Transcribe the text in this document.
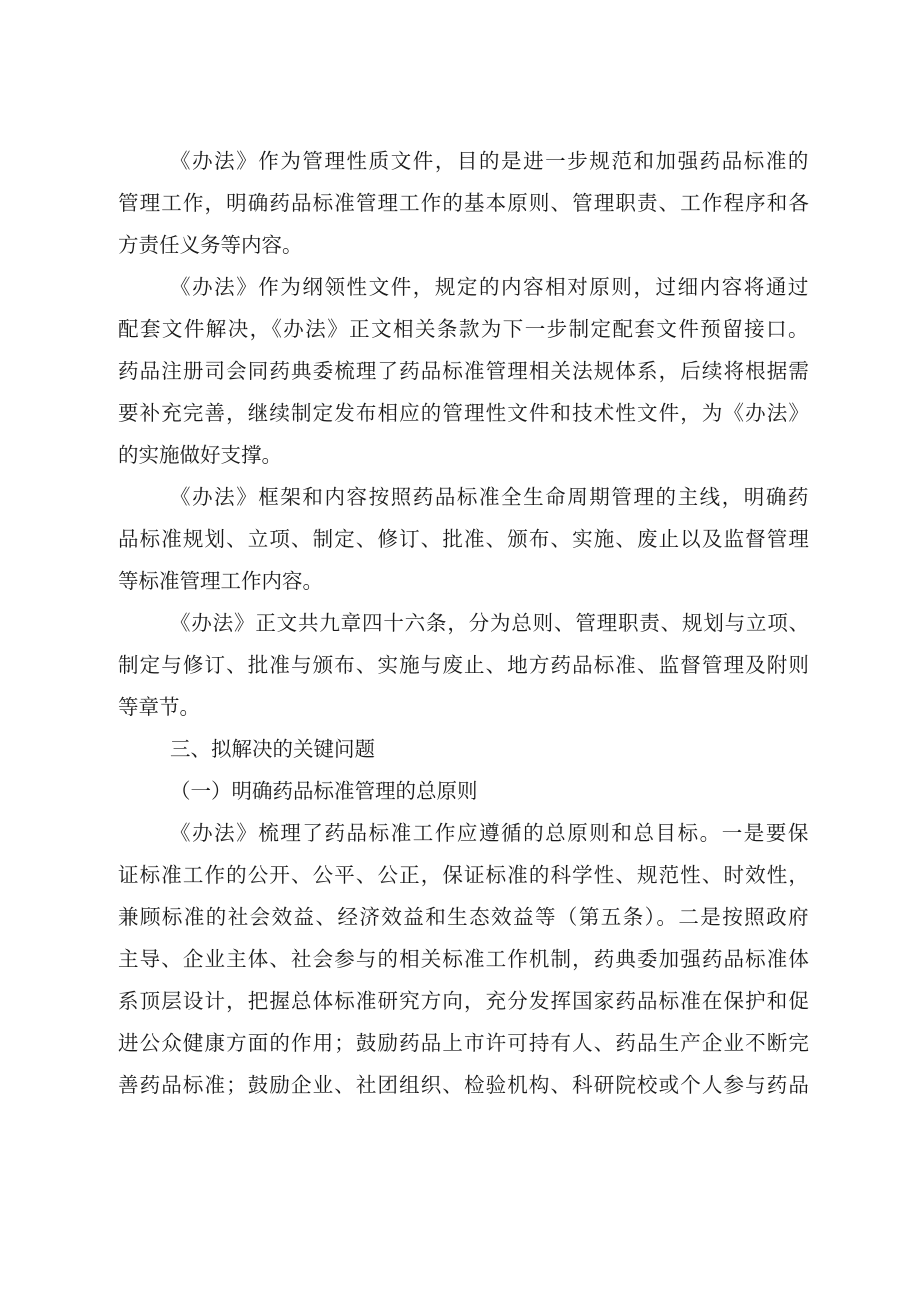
《办法》作为管理性质文件，目的是进一步规范和加强药品标准的
管理工作，明确药品标准管理工作的基本原则、管理职责、工作程序和各
方责任义务等内容。
《办法》作为纲领性文件，规定的内容相对原则，过细内容将通过
配套文件解决，《办法》正文相关条款为下一步制定配套文件预留接口。
药品注册司会同药典委梳理了药品标准管理相关法规体系，后续将根据需
要补充完善，继续制定发布相应的管理性文件和技术性文件，为《办法》
的实施做好支撑。
《办法》框架和内容按照药品标准全生命周期管理的主线，明确药
品标准规划、立项、制定、修订、批准、颁布、实施、废止以及监督管理
等标准管理工作内容。
《办法》正文共九章四十六条，分为总则、管理职责、规划与立项、
制定与修订、批准与颁布、实施与废止、地方药品标准、监督管理及附则
等章节。
三、拟解决的关键问题
（一）明确药品标准管理的总原则
《办法》梳理了药品标准工作应遵循的总原则和总目标。一是要保
证标准工作的公开、公平、公正，保证标准的科学性、规范性、时效性，
兼顾标准的社会效益、经济效益和生态效益等（第五条）。二是按照政府
主导、企业主体、社会参与的相关标准工作机制，药典委加强药品标准体
系顶层设计，把握总体标准研究方向，充分发挥国家药品标准在保护和促
进公众健康方面的作用；鼓励药品上市许可持有人、药品生产企业不断完
善药品标准；鼓励企业、社团组织、检验机构、科研院校或个人参与药品
